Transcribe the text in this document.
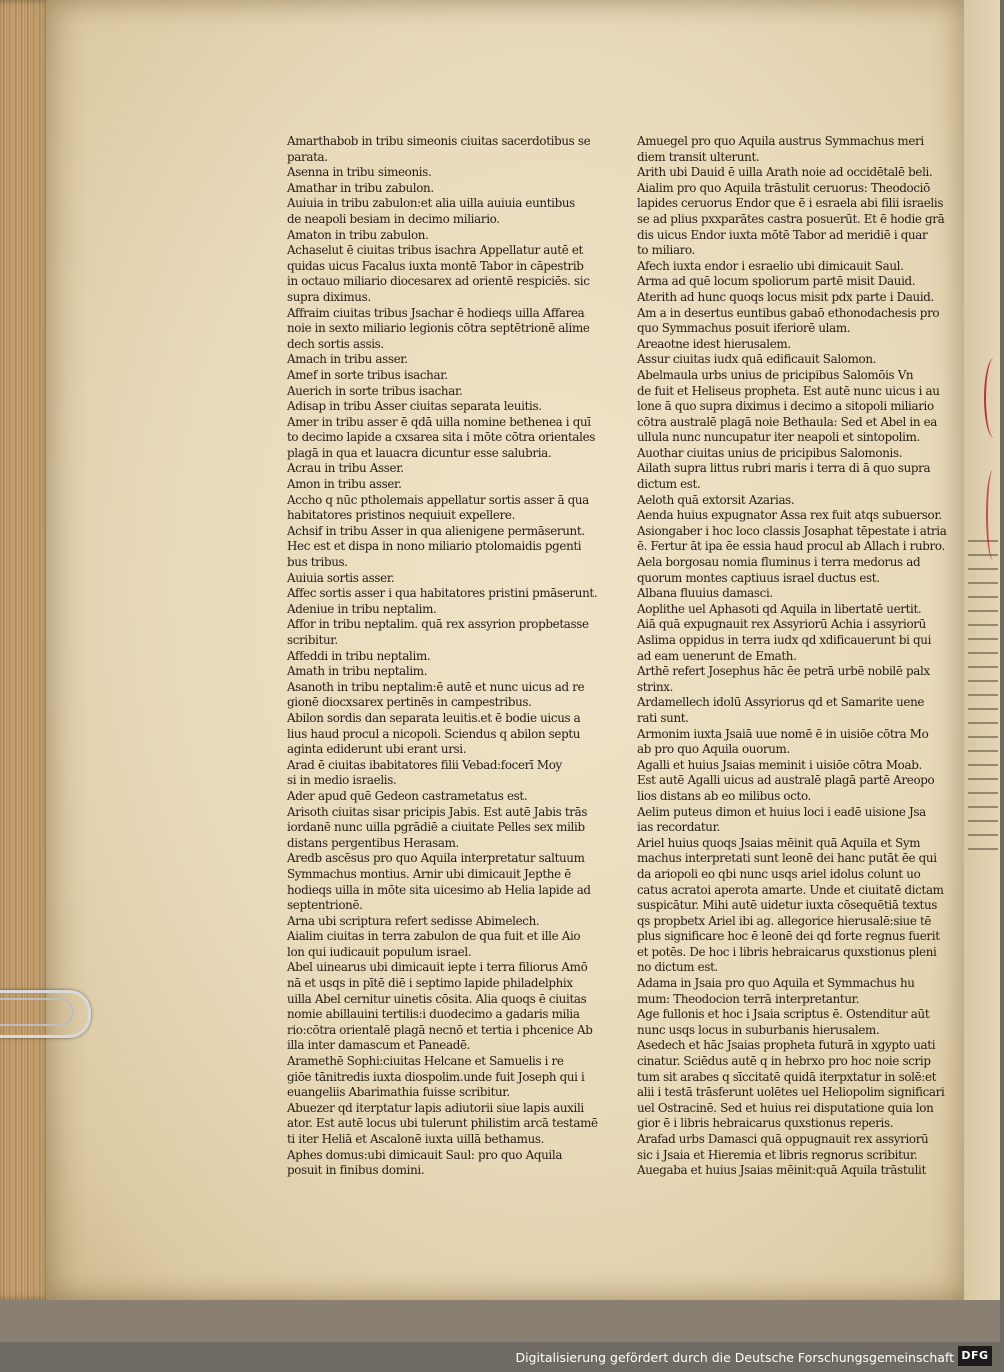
Amarthabob in tribu simeonis ciuitas sacerdotibus se
parata.
Asenna in tribu simeonis.
Amathar in tribu zabulon.
Auiuia in tribu zabulon:et alia uilla auiuia euntibus
de neapoli besiam in decimo miliario.
Amaton in tribu zabulon.
Achaselut ē ciuitas tribus isachra Appellatur autē et
quidas uicus Facalus iuxta montē Tabor in cāpestrib
in octauo miliario diocesarex ad orientē respiciēs. sic
supra diximus.
Affraim ciuitas tribus Jsachar ē hodieqs uilla Affarea
noie in sexto miliario legionis cōtra septētrionē alime
dech sortis assis.
Amach in tribu asser.
Amef in sorte tribus isachar.
Auerich in sorte tribus isachar.
Adisap in tribu Asser ciuitas separata leuitis.
Amer in tribu asser ē qdā uilla nomine bethenea i quī
to decimo lapide a cxsarea sita i mōte cōtra orientales
plagā in qua et lauacra dicuntur esse salubria.
Acrau in tribu Asser.
Amon in tribu asser.
Accho q nūc ptholemais appellatur sortis asser ā qua
habitatores pristinos nequiuit expellere.
Achsif in tribu Asser in qua alienigene permāserunt.
Hec est et dispa in nono miliario ptolomaidis pgenti
bus tribus.
Auiuia sortis asser.
Affec sortis asser i qua habitatores pristini pmāserunt.
Adeniue in tribu neptalim.
Affor in tribu neptalim. quā rex assyrion propbetasse
scribitur.
Affeddi in tribu neptalim.
Amath in tribu neptalim.
Asanoth in tribu neptalim:ē autē et nunc uicus ad re
gionē diocxsarex pertinēs in campestribus.
Abilon sordis dan separata leuitis.et ē bodie uicus a
lius haud procul a nicopoli. Sciendus q abilon septu
aginta ediderunt ubi erant ursi.
Arad ē ciuitas ibabitatores filii Vebad:focerī Moy
si in medio israelis.
Ader apud quē Gedeon castrametatus est.
Arisoth ciuitas sisar pricipis Jabis. Est autē Jabis trās
iordanē nunc uilla pgrādiē a ciuitate Pelles sex milib
distans pergentibus Herasam.
Aredb ascēsus pro quo Aquila interpretatur saltuum
Symmachus montius. Arnir ubi dimicauit Jepthe ē
hodieqs uilla in mōte sita uicesimo ab Helia lapide ad
septentrionē.
Arna ubi scriptura refert sedisse Abimelech.
Aialim ciuitas in terra zabulon de qua fuit et ille Aio
lon qui iudicauit populum israel.
Abel uinearus ubi dimicauit iepte i terra filiorus Amō
nā et usqs in pītē diē i septimo lapide philadelphix
uilla Abel cernitur uinetis cōsita. Alia quoqs ē ciuitas
nomie abillauini tertilis:i duodecimo a gadaris milia
rio:cōtra orientalē plagā necnō et tertia i phcenice Ab
illa inter damascum et Paneadē.
Aramethē Sophi:ciuitas Helcane et Samuelis i re
giōe tānitredis iuxta diospolim.unde fuit Joseph qui i
euangeliis Abarimathia fuisse scribitur.
Abuezer qd iterptatur lapis adiutorii siue lapis auxili
ator. Est autē locus ubi tulerunt philistim arcā testamē
ti iter Heliā et Ascalonē iuxta uillā bethamus.
Aphes domus:ubi dimicauit Saul: pro quo Aquila
posuit in finibus domini.
Amuegel pro quo Aquila austrus Symmachus meri
diem transit ulterunt.
Arith ubi Dauid ē uilla Arath noie ad occidētalē beli.
Aialim pro quo Aquila trāstulit ceruorus: Theodociō
lapides ceruorus Endor que ē i esraela abi filii israelis
se ad plius pxxparātes castra posuerūt. Et ē hodie grā
dis uicus Endor iuxta mōtē Tabor ad meridiē i quar
to miliaro.
Afech iuxta endor i esraelio ubi dimicauit Saul.
Arma ad quē locum spoliorum partē misit Dauid.
Aterith ad hunc quoqs locus misit pdx parte i Dauid.
Am a in desertus euntibus gabaō ethonodachesis pro
quo Symmachus posuit iferiorē ulam.
Areaotne idest hierusalem.
Assur ciuitas iudx quā edificauit Salomon.
Abelmaula urbs unius de pricipibus Salomōis Vn
de fuit et Heliseus propheta. Est autē nunc uicus i au
lone ā quo supra diximus i decimo a sitopoli miliario
cōtra australē plagā noie Bethaula: Sed et Abel in ea
ullula nunc nuncupatur iter neapoli et sintopolim.
Auothar ciuitas unius de pricipibus Salomonis.
Ailath supra littus rubri maris i terra di ā quo supra
dictum est.
Aeloth quā extorsit Azarias.
Aenda huius expugnator Assa rex fuit atqs subuersor.
Asiongaber i hoc loco classis Josaphat tēpestate i atria
ē. Fertur āt ipa ēe essia haud procul ab Allach i rubro.
Aela borgosau nomia fluminus i terra medorus ad
quorum montes captiuus israel ductus est.
Albana fluuius damasci.
Aoplithe uel Aphasoti qd Aquila in libertatē uertit.
Aiā quā expugnauit rex Assyriorū Achia i assyriorū
Aslima oppidus in terra iudx qd xdificauerunt bi qui
ad eam uenerunt de Emath.
Arthē refert Josephus hāc ēe petrā urbē nobilē palx
strinx.
Ardamellech idolū Assyriorus qd et Samarite uene
rati sunt.
Armonim iuxta Jsaiā uue nomē ē in uisiōe cōtra Mo
ab pro quo Aquila ouorum.
Agalli et huius Jsaias meminit i uisiōe cōtra Moab.
Est autē Agalli uicus ad australē plagā partē Areopo
lios distans ab eo milibus octo.
Aelim puteus dimon et huius loci i eadē uisione Jsa
ias recordatur.
Ariel huius quoqs Jsaias mēinit quā Aquila et Sym
machus interpretati sunt leonē dei hanc putāt ēe qui
da ariopoli eo qbi nunc usqs ariel idolus colunt uo
catus acratoi aperota amarte. Unde et ciuitatē dictam
suspicātur. Mihi autē uidetur iuxta cōsequētiā textus
qs propbetx Ariel ibi ag. allegorice hierusalē:siue tē
plus significare hoc ē leonē dei qd forte regnus fuerit
et potēs. De hoc i libris hebraicarus quxstionus pleni
no dictum est.
Adama in Jsaia pro quo Aquila et Symmachus hu
mum: Theodocion terrā interpretantur.
Age fullonis et hoc i Jsaia scriptus ē. Ostenditur aūt
nunc usqs locus in suburbanis hierusalem.
Asedech et hāc Jsaias propheta futurā in xgypto uati
cinatur. Sciēdus autē q in hebrxo pro hoc noie scrip
tum sit arabes q sīccitatē quidā iterpxtatur in solē:et
alii i testā trāsferunt uolētes uel Heliopolim significari
uel Ostracinē. Sed et huius rei disputatione quia lon
gior ē i libris hebraicarus quxstionus reperis.
Arafad urbs Damasci quā oppugnauit rex assyriorū
sic i Jsaia et Hieremia et libris regnorus scribitur.
Auegaba et huius Jsaias mēinit:quā Aquila trāstulit
Digitalisierung gefördert durch die Deutsche Forschungsgemeinschaft DFG
